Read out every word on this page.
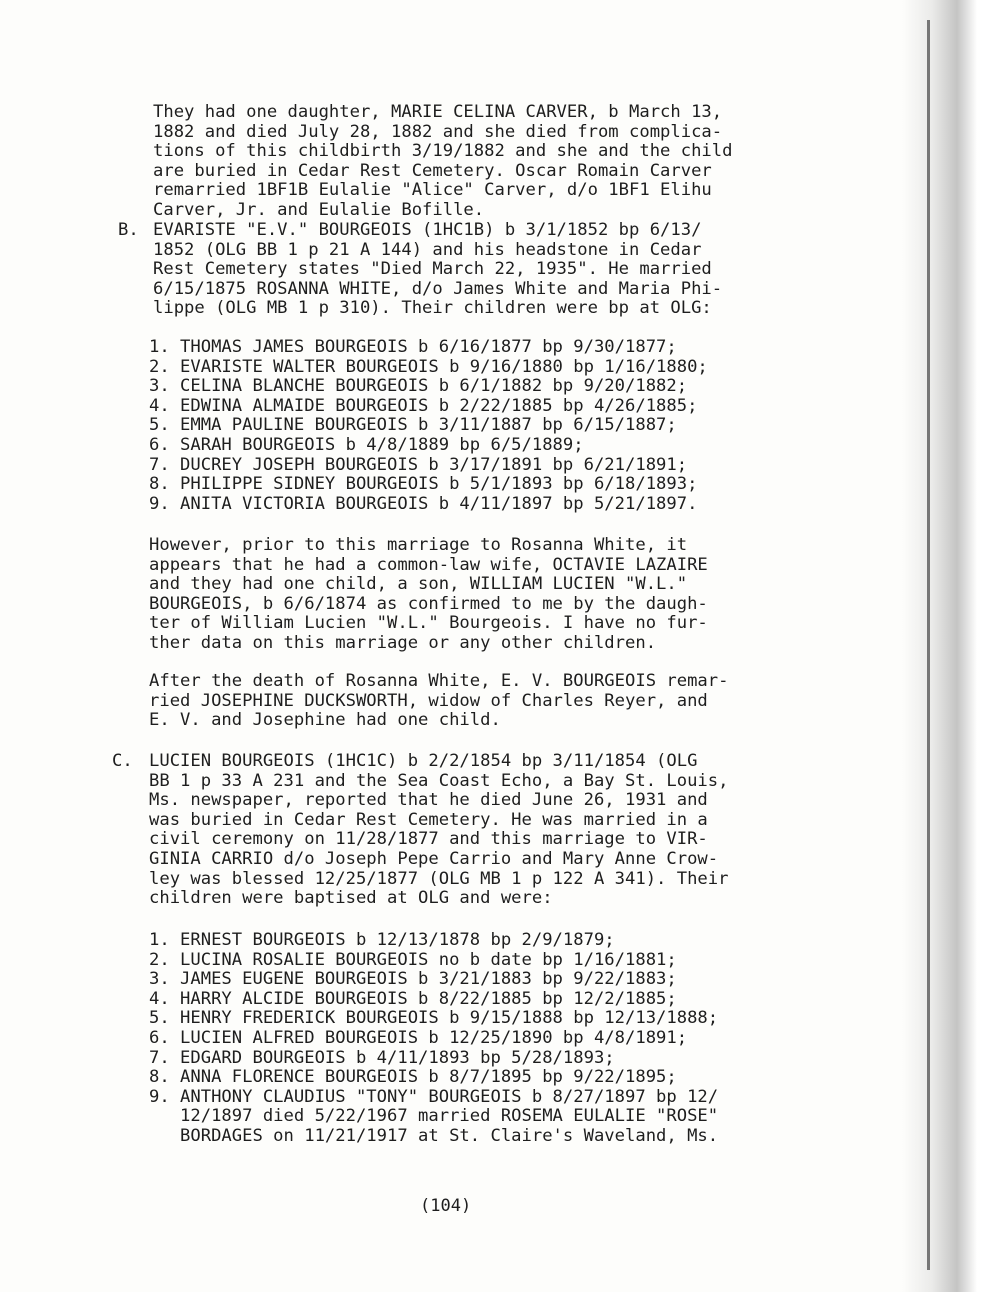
They had one daughter, MARIE CELINA CARVER, b March 13,
1882 and died July 28, 1882 and she died from complica-
tions of this childbirth 3/19/1882 and she and the child
are buried in Cedar Rest Cemetery. Oscar Romain Carver
remarried 1BF1B Eulalie "Alice" Carver, d/o 1BF1 Elihu
Carver, Jr. and Eulalie Bofille.
B. EVARISTE "E.V." BOURGEOIS (1HC1B) b 3/1/1852 bp 6/13/
1852 (OLG BB 1 p 21 A 144) and his headstone in Cedar
Rest Cemetery states "Died March 22, 1935". He married
6/15/1875 ROSANNA WHITE, d/o James White and Maria Phi-
lippe (OLG MB 1 p 310). Their children were bp at OLG:
1. THOMAS JAMES BOURGEOIS b 6/16/1877 bp 9/30/1877;
2. EVARISTE WALTER BOURGEOIS b 9/16/1880 bp 1/16/1880;
3. CELINA BLANCHE BOURGEOIS b 6/1/1882 bp 9/20/1882;
4. EDWINA ALMAIDE BOURGEOIS b 2/22/1885 bp 4/26/1885;
5. EMMA PAULINE BOURGEOIS b 3/11/1887 bp 6/15/1887;
6. SARAH BOURGEOIS b 4/8/1889 bp 6/5/1889;
7. DUCREY JOSEPH BOURGEOIS b 3/17/1891 bp 6/21/1891;
8. PHILIPPE SIDNEY BOURGEOIS b 5/1/1893 bp 6/18/1893;
9. ANITA VICTORIA BOURGEOIS b 4/11/1897 bp 5/21/1897.
However, prior to this marriage to Rosanna White, it
appears that he had a common-law wife, OCTAVIE LAZAIRE
and they had one child, a son, WILLIAM LUCIEN "W.L."
BOURGEOIS, b 6/6/1874 as confirmed to me by the daugh-
ter of William Lucien "W.L." Bourgeois. I have no fur-
ther data on this marriage or any other children.
After the death of Rosanna White, E. V. BOURGEOIS remar-
ried JOSEPHINE DUCKSWORTH, widow of Charles Reyer, and
E. V. and Josephine had one child.
C. LUCIEN BOURGEOIS (1HC1C) b 2/2/1854 bp 3/11/1854 (OLG
BB 1 p 33 A 231 and the Sea Coast Echo, a Bay St. Louis,
Ms. newspaper, reported that he died June 26, 1931 and
was buried in Cedar Rest Cemetery. He was married in a
civil ceremony on 11/28/1877 and this marriage to VIR-
GINIA CARRIO d/o Joseph Pepe Carrio and Mary Anne Crow-
ley was blessed 12/25/1877 (OLG MB 1 p 122 A 341). Their
children were baptised at OLG and were:
1. ERNEST BOURGEOIS b 12/13/1878 bp 2/9/1879;
2. LUCINA ROSALIE BOURGEOIS no b date bp 1/16/1881;
3. JAMES EUGENE BOURGEOIS b 3/21/1883 bp 9/22/1883;
4. HARRY ALCIDE BOURGEOIS b 8/22/1885 bp 12/2/1885;
5. HENRY FREDERICK BOURGEOIS b 9/15/1888 bp 12/13/1888;
6. LUCIEN ALFRED BOURGEOIS b 12/25/1890 bp 4/8/1891;
7. EDGARD BOURGEOIS b 4/11/1893 bp 5/28/1893;
8. ANNA FLORENCE BOURGEOIS b 8/7/1895 bp 9/22/1895;
9. ANTHONY CLAUDIUS "TONY" BOURGEOIS b 8/27/1897 bp 12/
12/1897 died 5/22/1967 married ROSEMA EULALIE "ROSE"
BORDAGES on 11/21/1917 at St. Claire's Waveland, Ms.
(104)
